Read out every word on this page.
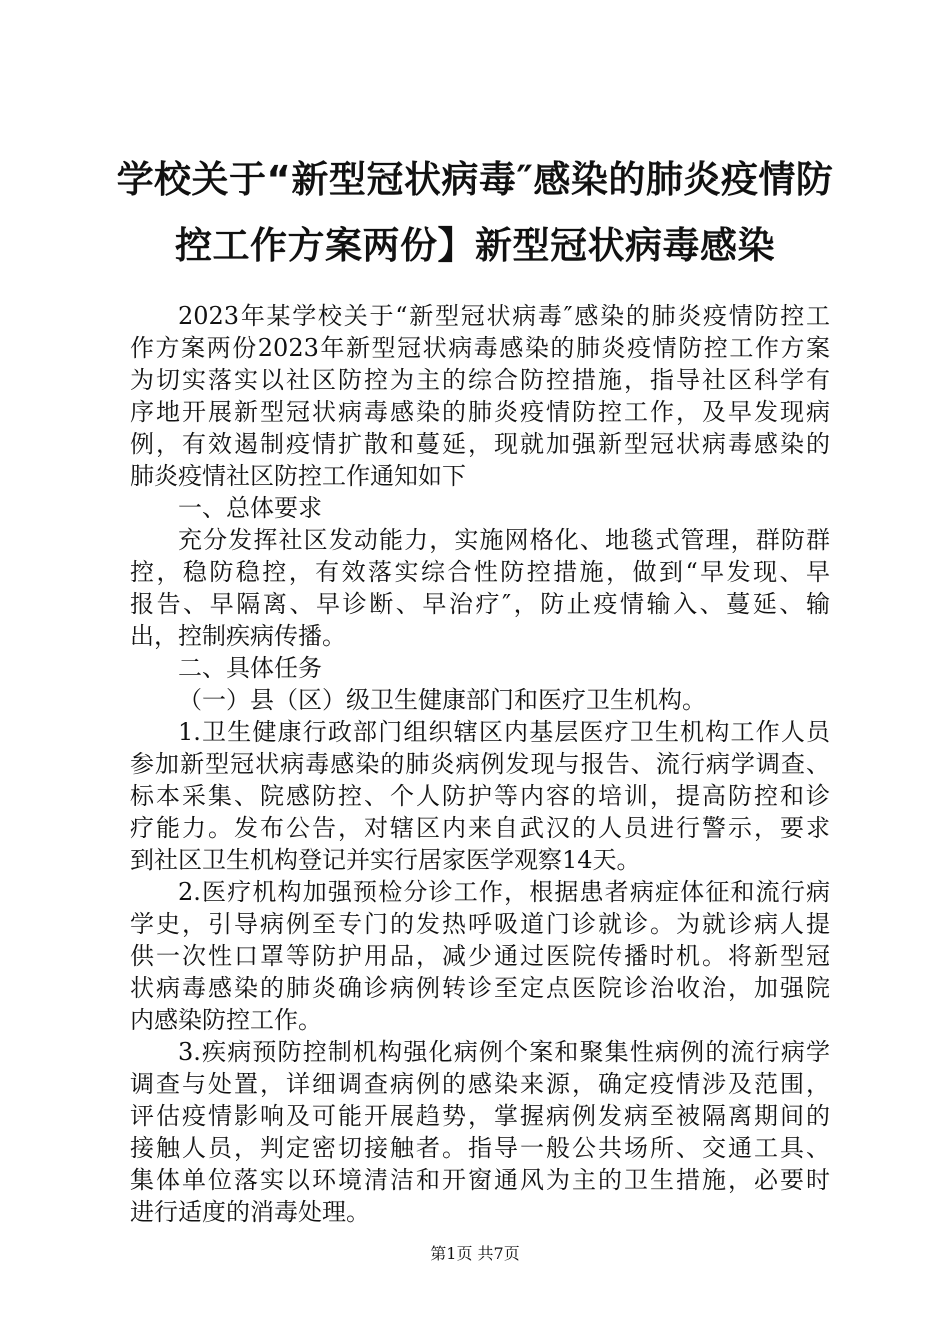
学校关于“新型冠状病毒″感染的肺炎疫情防
控工作方案两份】新型冠状病毒感染
2023年某学校关于“新型冠状病毒″感染的肺炎疫情防控工
作方案两份2023年新型冠状病毒感染的肺炎疫情防控工作方案
为切实落实以社区防控为主的综合防控措施，指导社区科学有
序地开展新型冠状病毒感染的肺炎疫情防控工作，及早发现病
例，有效遏制疫情扩散和蔓延，现就加强新型冠状病毒感染的
肺炎疫情社区防控工作通知如下
一、总体要求
充分发挥社区发动能力，实施网格化、地毯式管理，群防群
控，稳防稳控，有效落实综合性防控措施，做到“早发现、早
报告、早隔离、早诊断、早治疗″，防止疫情输入、蔓延、输
出，控制疾病传播。
二、具体任务
（一）县（区）级卫生健康部门和医疗卫生机构。
1.卫生健康行政部门组织辖区内基层医疗卫生机构工作人员
参加新型冠状病毒感染的肺炎病例发现与报告、流行病学调查、
标本采集、院感防控、个人防护等内容的培训，提高防控和诊
疗能力。发布公告，对辖区内来自武汉的人员进行警示，要求
到社区卫生机构登记并实行居家医学观察14天。
2.医疗机构加强预检分诊工作，根据患者病症体征和流行病
学史，引导病例至专门的发热呼吸道门诊就诊。为就诊病人提
供一次性口罩等防护用品，减少通过医院传播时机。将新型冠
状病毒感染的肺炎确诊病例转诊至定点医院诊治收治，加强院
内感染防控工作。
3.疾病预防控制机构强化病例个案和聚集性病例的流行病学
调查与处置，详细调查病例的感染来源，确定疫情涉及范围，
评估疫情影响及可能开展趋势，掌握病例发病至被隔离期间的
接触人员，判定密切接触者。指导一般公共场所、交通工具、
集体单位落实以环境清洁和开窗通风为主的卫生措施，必要时
进行适度的消毒处理。
第1页 共7页
